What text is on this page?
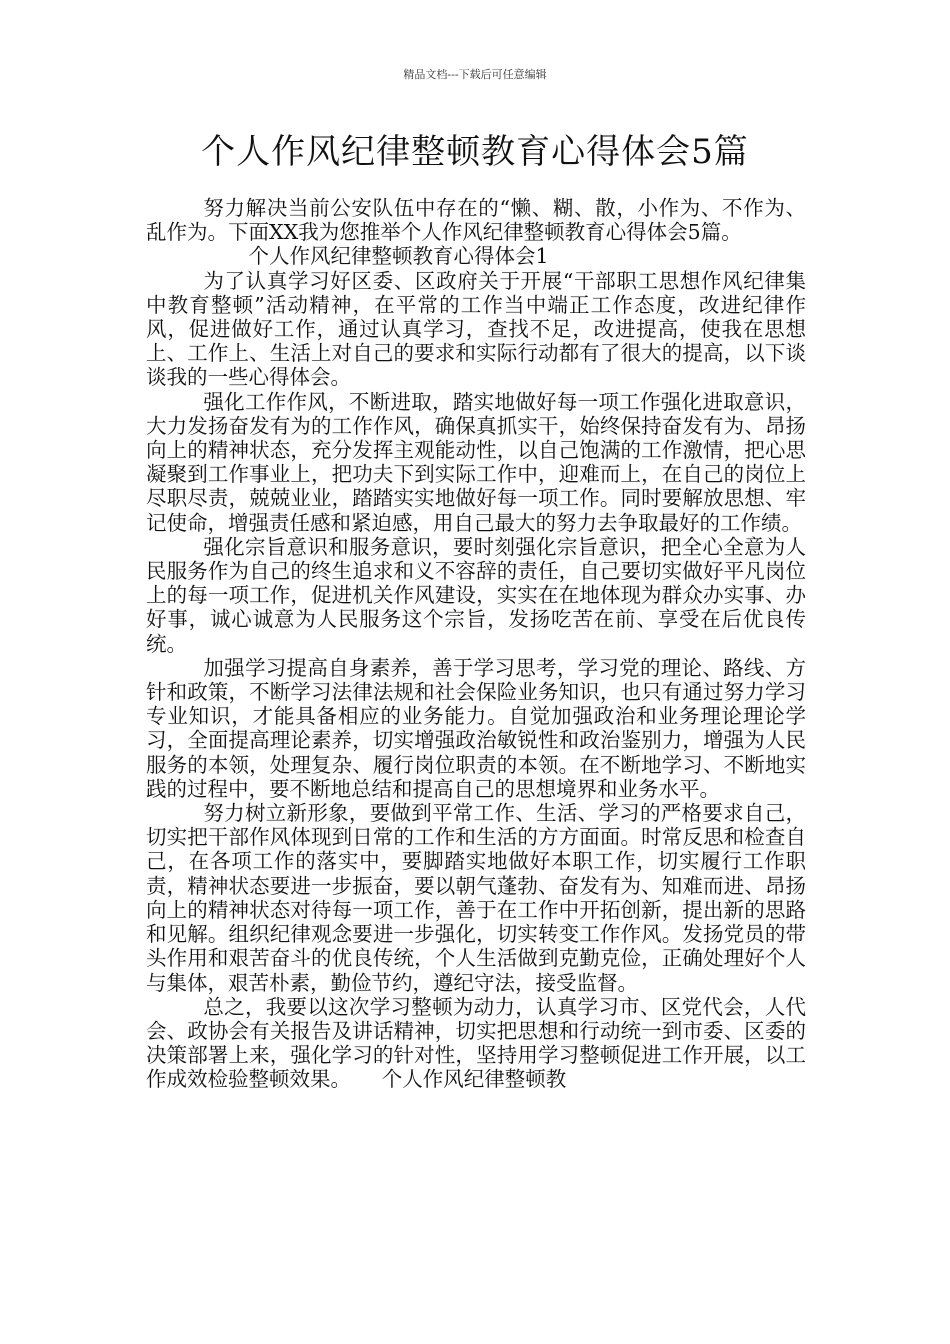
精品文档---下载后可任意编辑
个人作风纪律整顿教育心得体会5篇

努力解决当前公安队伍中存在的“懒、糊、散，小作为、不作为、乱作为。下面XX我为您推举个人作风纪律整顿教育心得体会5篇。

个人作风纪律整顿教育心得体会1

为了认真学习好区委、区政府关于开展“干部职工思想作风纪律集中教育整顿”活动精神，在平常的工作当中端正工作态度，改进纪律作风，促进做好工作，通过认真学习，查找不足，改进提高，使我在思想上、工作上、生活上对自己的要求和实际行动都有了很大的提高，以下谈谈我的一些心得体会。

强化工作作风，不断进取，踏实地做好每一项工作强化进取意识，大力发扬奋发有为的工作作风，确保真抓实干，始终保持奋发有为、昂扬向上的精神状态，充分发挥主观能动性，以自己饱满的工作激情，把心思凝聚到工作事业上，把功夫下到实际工作中，迎难而上，在自己的岗位上尽职尽责，兢兢业业，踏踏实实地做好每一项工作。同时要解放思想、牢记使命，增强责任感和紧迫感，用自己最大的努力去争取最好的工作绩。

强化宗旨意识和服务意识，要时刻强化宗旨意识，把全心全意为人民服务作为自己的终生追求和义不容辞的责任，自己要切实做好平凡岗位上的每一项工作，促进机关作风建设，实实在在地体现为群众办实事、办好事，诚心诚意为人民服务这个宗旨，发扬吃苦在前、享受在后优良传统。

加强学习提高自身素养，善于学习思考，学习党的理论、路线、方针和政策，不断学习法律法规和社会保险业务知识，也只有通过努力学习专业知识，才能具备相应的业务能力。自觉加强政治和业务理论理论学习，全面提高理论素养，切实增强政治敏锐性和政治鉴别力，增强为人民服务的本领，处理复杂、履行岗位职责的本领。在不断地学习、不断地实践的过程中，要不断地总结和提高自己的思想境界和业务水平。

努力树立新形象，要做到平常工作、生活、学习的严格要求自己，切实把干部作风体现到日常的工作和生活的方方面面。时常反思和检查自己，在各项工作的落实中，要脚踏实地做好本职工作，切实履行工作职责，精神状态要进一步振奋，要以朝气蓬勃、奋发有为、知难而进、昂扬向上的精神状态对待每一项工作，善于在工作中开拓创新，提出新的思路和见解。组织纪律观念要进一步强化，切实转变工作作风。发扬党员的带头作用和艰苦奋斗的优良传统，个人生活做到克勤克俭，正确处理好个人与集体，艰苦朴素，勤俭节约，遵纪守法，接受监督。

总之，我要以这次学习整顿为动力，认真学习市、区党代会，人代会、政协会有关报告及讲话精神，切实把思想和行动统一到市委、区委的决策部署上来，强化学习的针对性，坚持用学习整顿促进工作开展，以工作成效检验整顿效果。　　个人作风纪律整顿教
